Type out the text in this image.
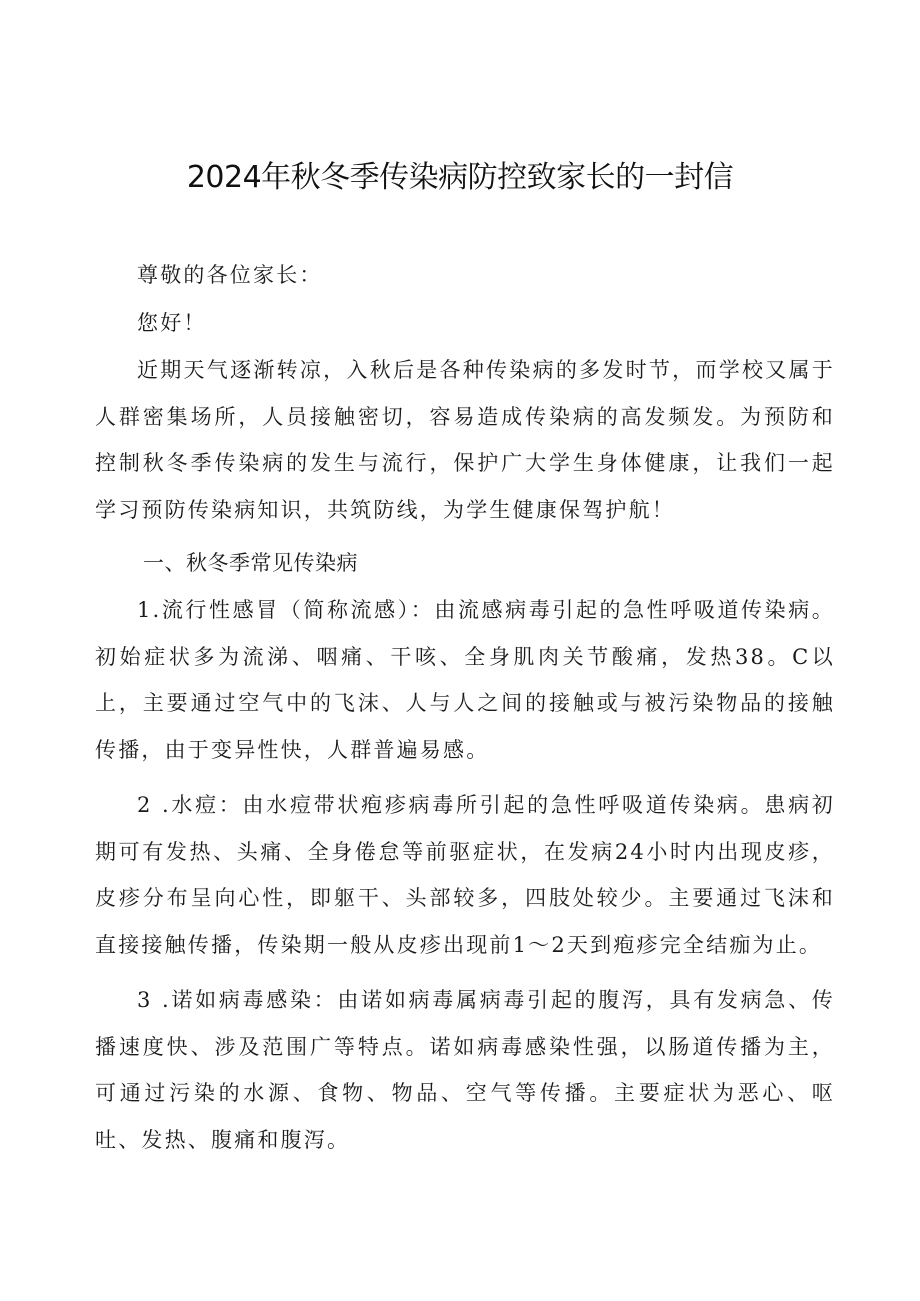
2024年秋冬季传染病防控致家长的一封信

尊敬的各位家长：

您好！

近期天气逐渐转凉，入秋后是各种传染病的多发时节，而学校又属于人群密集场所，人员接触密切，容易造成传染病的高发频发。为预防和控制秋冬季传染病的发生与流行，保护广大学生身体健康，让我们一起学习预防传染病知识，共筑防线，为学生健康保驾护航！

一、秋冬季常见传染病

1.流行性感冒（简称流感）：由流感病毒引起的急性呼吸道传染病。初始症状多为流涕、咽痛、干咳、全身肌肉关节酸痛，发热38。C以上，主要通过空气中的飞沫、人与人之间的接触或与被污染物品的接触传播，由于变异性快，人群普遍易感。

2 .水痘：由水痘带状疱疹病毒所引起的急性呼吸道传染病。患病初期可有发热、头痛、全身倦怠等前驱症状，在发病24小时内出现皮疹，皮疹分布呈向心性，即躯干、头部较多，四肢处较少。主要通过飞沫和直接接触传播，传染期一般从皮疹出现前1～2天到疱疹完全结痂为止。

3 .诺如病毒感染：由诺如病毒属病毒引起的腹泻，具有发病急、传播速度快、涉及范围广等特点。诺如病毒感染性强，以肠道传播为主，可通过污染的水源、食物、物品、空气等传播。主要症状为恶心、呕吐、发热、腹痛和腹泻。
